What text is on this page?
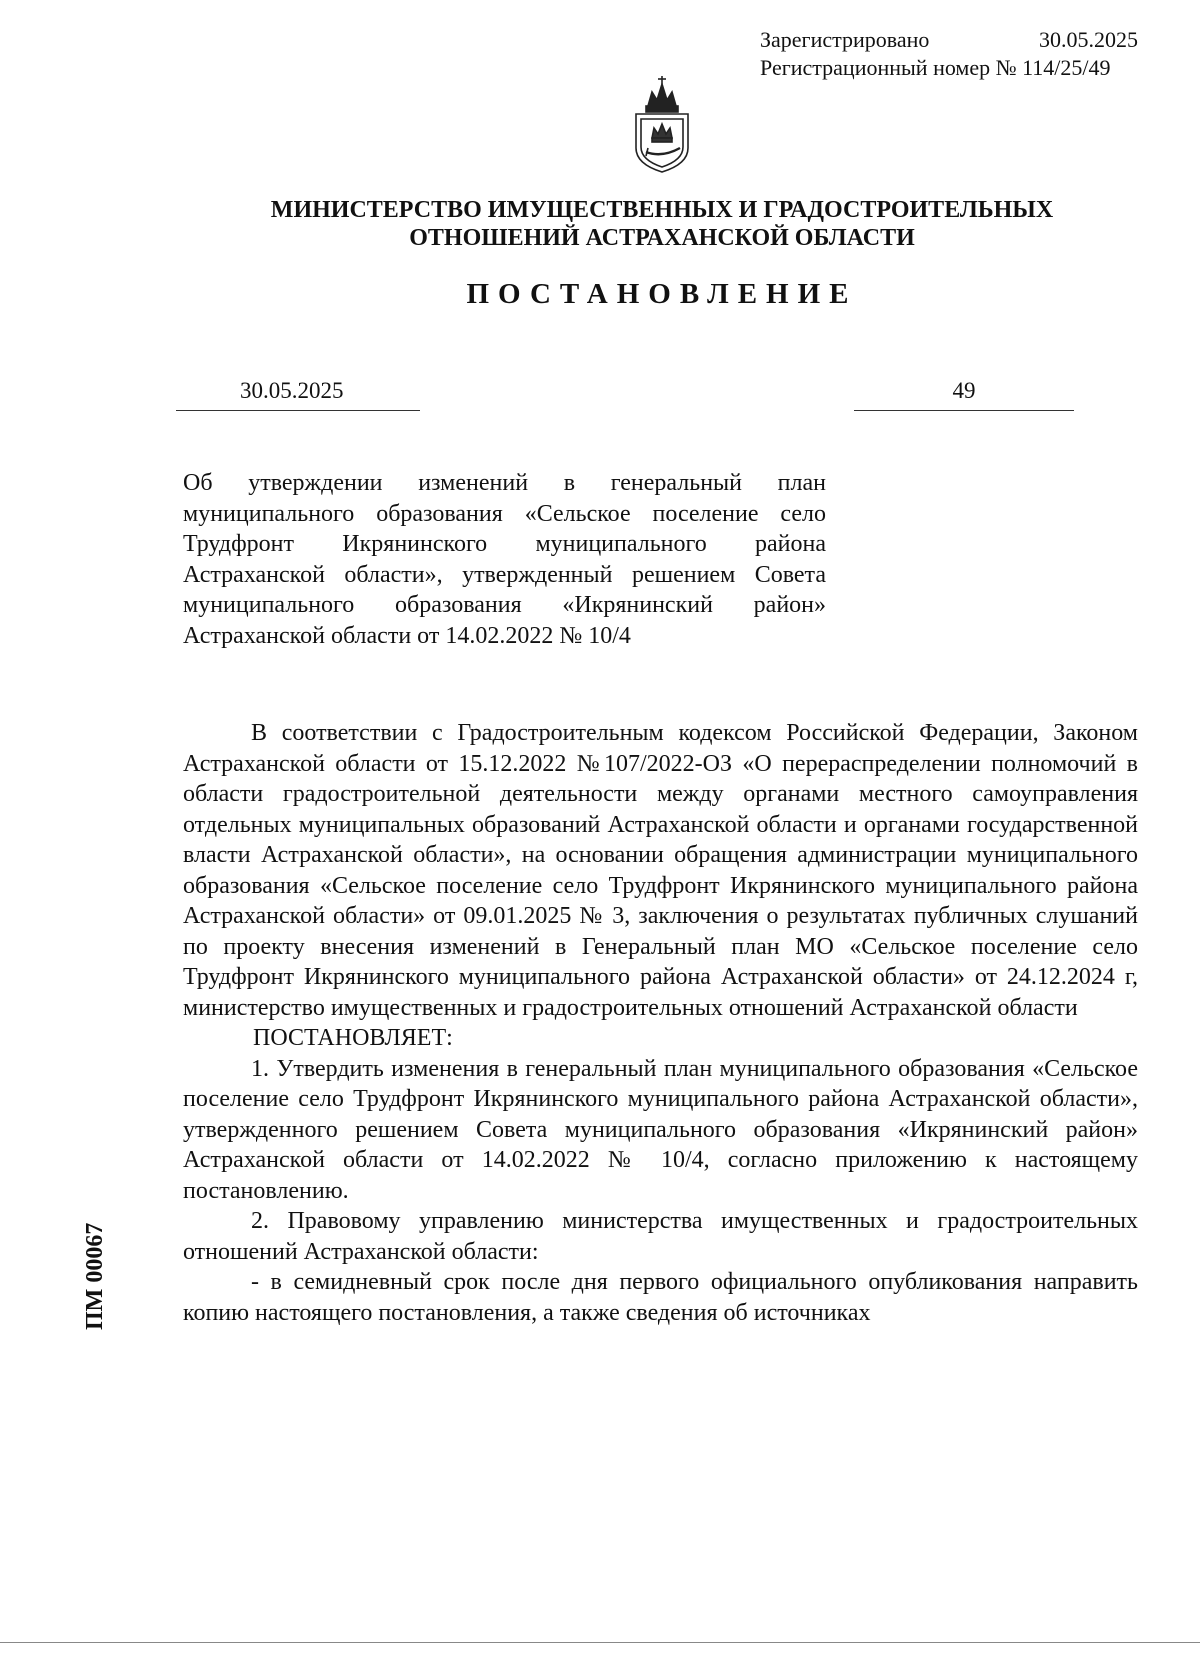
Зарегистрировано	30.05.2025
Регистрационный номер № 114/25/49
МИНИСТЕРСТВО ИМУЩЕСТВЕННЫХ И ГРАДОСТРОИТЕЛЬНЫХ
ОТНОШЕНИЙ АСТРАХАНСКОЙ ОБЛАСТИ
ПОСТАНОВЛЕНИЕ
30.05.2025	49
Об утверждении изменений в генеральный план муниципального образования «Сельское поселение село Трудфронт Икрянинского муниципального района Астраханской области», утвержденный решением Совета муниципального образования «Икрянинский район» Астраханской области от 14.02.2022 № 10/4

В соответствии с Градостроительным кодексом Российской Федерации, Законом Астраханской области от 15.12.2022 №107/2022-ОЗ «О перераспределении полномочий в области градостроительной деятельности между органами местного самоуправления отдельных муниципальных образований Астраханской области и органами государственной власти Астраханской области», на основании обращения администрации муниципального образования «Сельское поселение село Трудфронт Икрянинского муниципального района Астраханской области» от 09.01.2025 № 3, заключения о результатах публичных слушаний по проекту внесения изменений в Генеральный план МО «Сельское поселение село Трудфронт Икрянинского муниципального района Астраханской области» от 24.12.2024 г, министерство имущественных и градостроительных отношений Астраханской области

ПОСТАНОВЛЯЕТ:

1. Утвердить изменения в генеральный план муниципального образования «Сельское поселение село Трудфронт Икрянинского муниципального района Астраханской области», утвержденного решением Совета муниципального образования «Икрянинский район» Астраханской области от 14.02.2022 № 10/4, согласно приложению к настоящему постановлению.

2. Правовому управлению министерства имущественных и градостроительных отношений Астраханской области:

- в семидневный срок после дня первого официального опубликования направить копию настоящего постановления, а также сведения об источниках

ПМ 00067
